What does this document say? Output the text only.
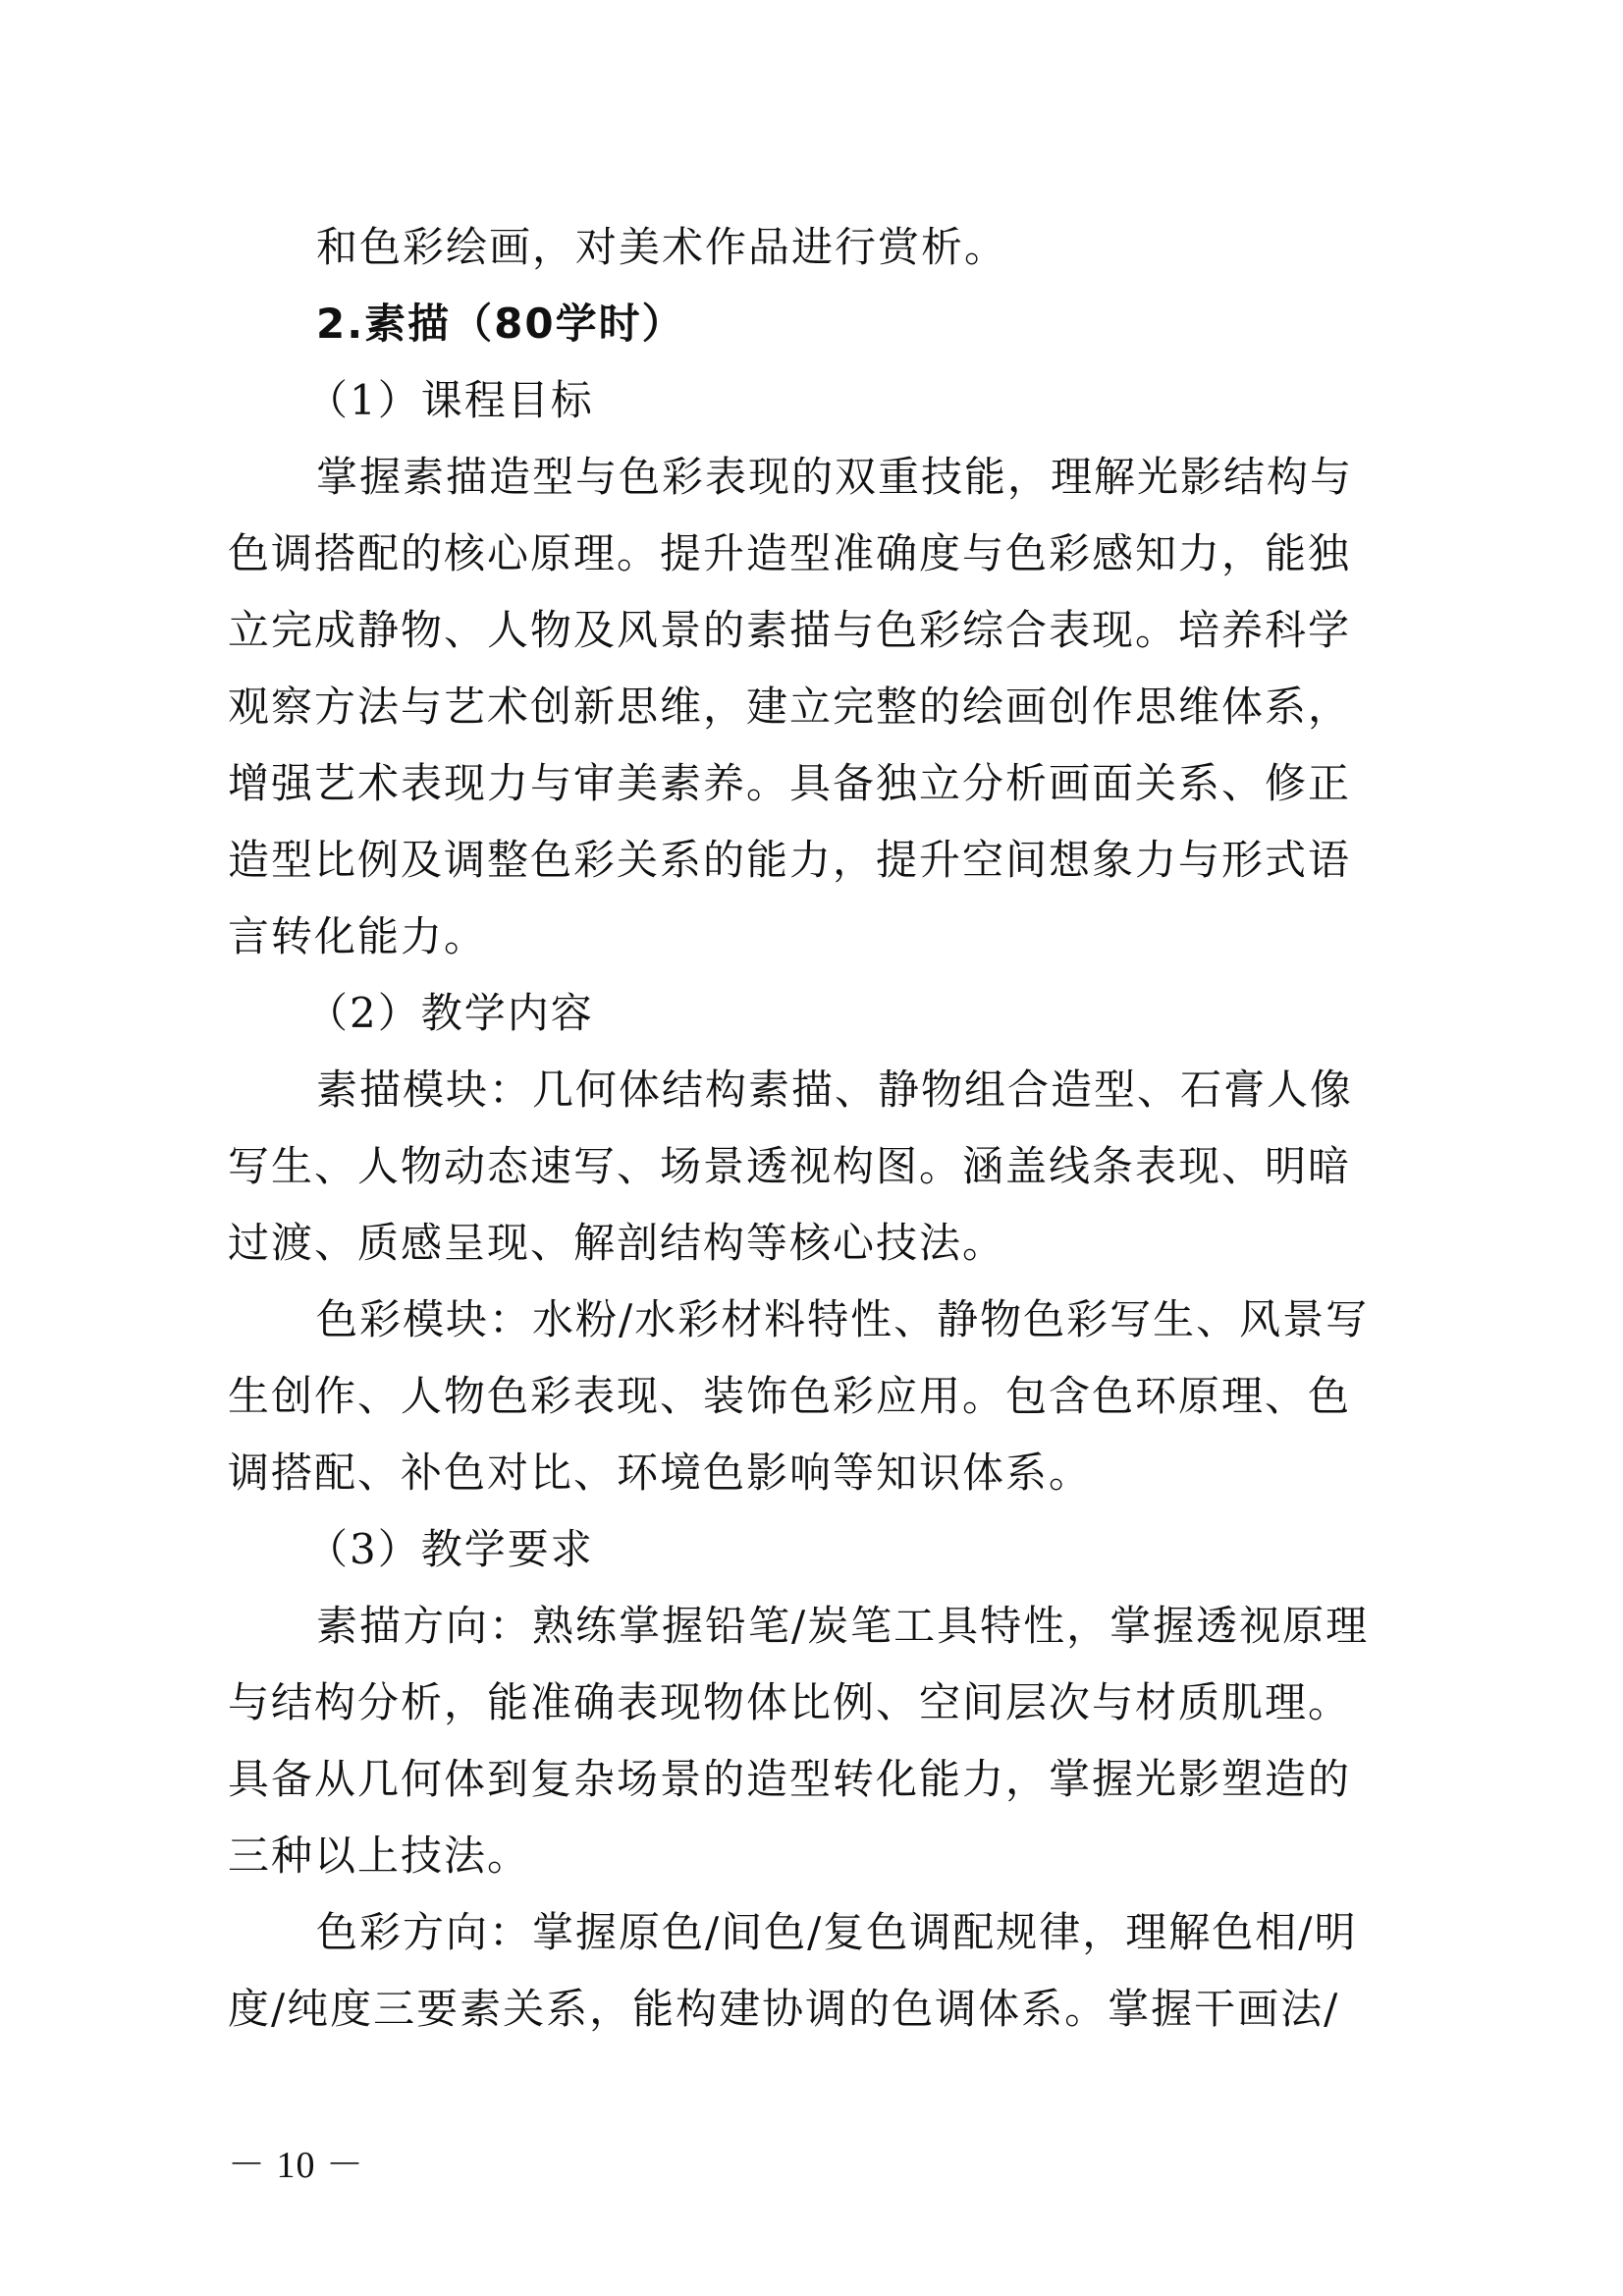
和色彩绘画，对美术作品进行赏析。
2.素描（80学时）
（1）课程目标
掌握素描造型与色彩表现的双重技能，理解光影结构与
色调搭配的核心原理。提升造型准确度与色彩感知力，能独
立完成静物、人物及风景的素描与色彩综合表现。培养科学
观察方法与艺术创新思维，建立完整的绘画创作思维体系，
增强艺术表现力与审美素养。具备独立分析画面关系、修正
造型比例及调整色彩关系的能力，提升空间想象力与形式语
言转化能力。
（2）教学内容
素描模块：几何体结构素描、静物组合造型、石膏人像
写生、人物动态速写、场景透视构图。涵盖线条表现、明暗
过渡、质感呈现、解剖结构等核心技法。
色彩模块：水粉/水彩材料特性、静物色彩写生、风景写
生创作、人物色彩表现、装饰色彩应用。包含色环原理、色
调搭配、补色对比、环境色影响等知识体系。
（3）教学要求
素描方向：熟练掌握铅笔/炭笔工具特性，掌握透视原理
与结构分析，能准确表现物体比例、空间层次与材质肌理。
具备从几何体到复杂场景的造型转化能力，掌握光影塑造的
三种以上技法。
色彩方向：掌握原色/间色/复色调配规律，理解色相/明
度/纯度三要素关系，能构建协调的色调体系。掌握干画法/
－ 10 －
